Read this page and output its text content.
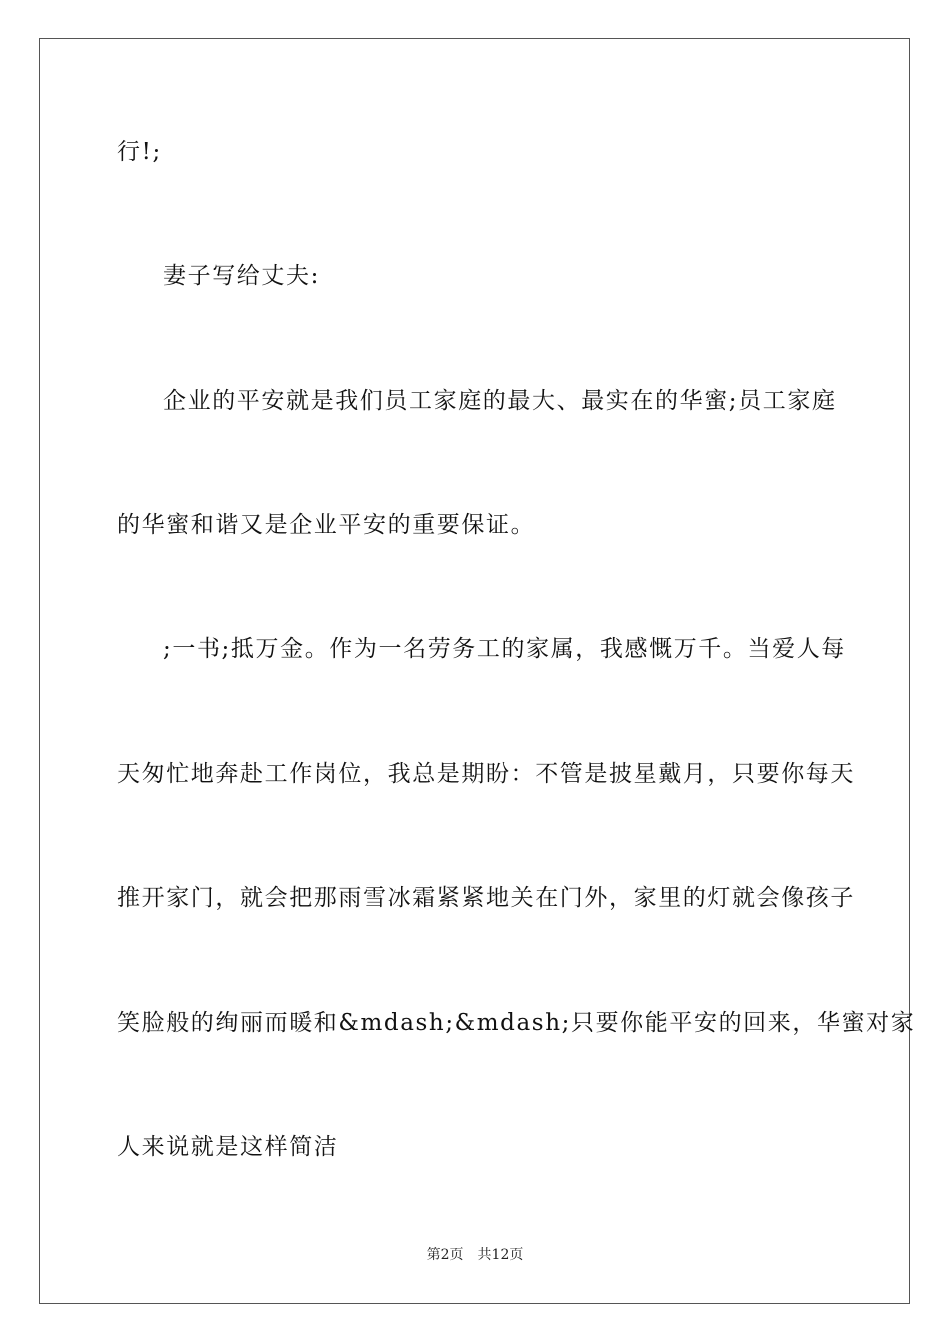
行!;
妻子写给丈夫:
企业的平安就是我们员工家庭的最大、最实在的华蜜;员工家庭
的华蜜和谐又是企业平安的重要保证。
;一书;抵万金。作为一名劳务工的家属，我感慨万千。当爱人每
天匆忙地奔赴工作岗位，我总是期盼：不管是披星戴月，只要你每天
推开家门，就会把那雨雪冰霜紧紧地关在门外，家里的灯就会像孩子
笑脸般的绚丽而暖和&mdash;&mdash;只要你能平安的回来，华蜜对家
人来说就是这样简洁
第2页 共12页
